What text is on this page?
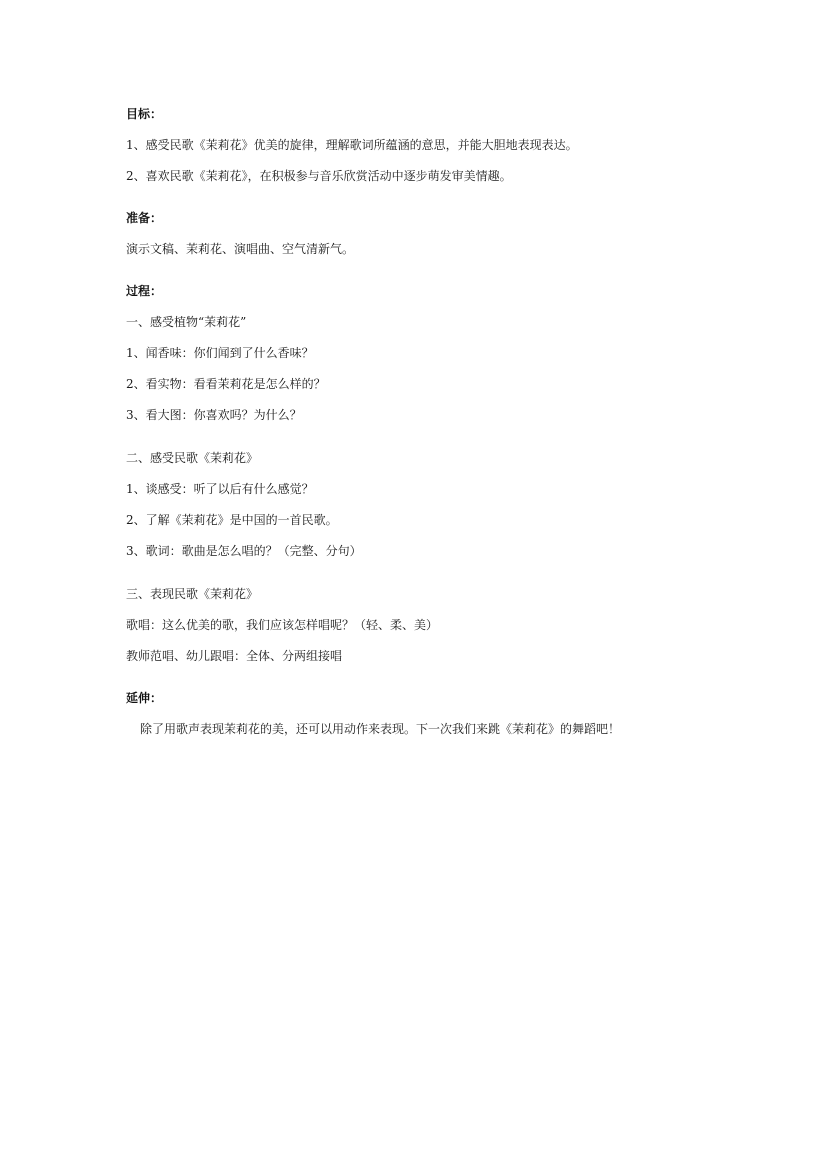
目标：

1、感受民歌《茉莉花》优美的旋律，理解歌词所蕴涵的意思，并能大胆地表现表达。

2、喜欢民歌《茉莉花》，在积极参与音乐欣赏活动中逐步萌发审美情趣。

准备：

演示文稿、茉莉花、演唱曲、空气清新气。

过程：

一、感受植物“茉莉花”

1、闻香味：你们闻到了什么香味？

2、看实物：看看茉莉花是怎么样的？

3、看大图：你喜欢吗？为什么？

二、感受民歌《茉莉花》

1、谈感受：听了以后有什么感觉？

2、了解《茉莉花》是中国的一首民歌。

3、歌词：歌曲是怎么唱的？（完整、分句）

三、表现民歌《茉莉花》

歌唱：这么优美的歌，我们应该怎样唱呢？（轻、柔、美）

教师范唱、幼儿跟唱：全体、分两组接唱

延伸：

除了用歌声表现茉莉花的美，还可以用动作来表现。下一次我们来跳《茉莉花》的舞蹈吧！
